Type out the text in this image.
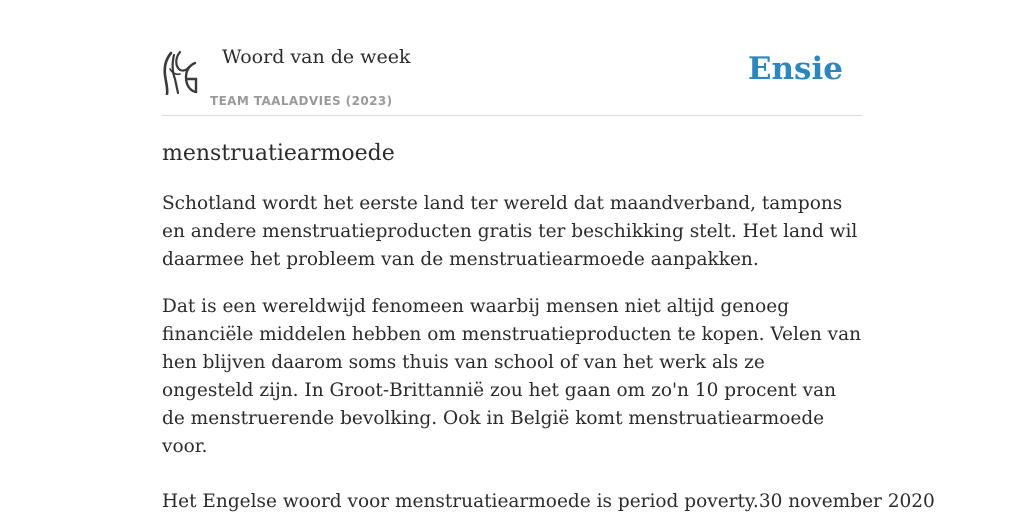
Woord van de week
TEAM TAALADVIES (2023)
Ensie
menstruatiearmoede

Schotland wordt het eerste land ter wereld dat maandverband, tampons en andere menstruatieproducten gratis ter beschikking stelt. Het land wil daarmee het probleem van de menstruatiearmoede aanpakken.

Dat is een wereldwijd fenomeen waarbij mensen niet altijd genoeg financiële middelen hebben om menstruatieproducten te kopen. Velen van hen blijven daarom soms thuis van school of van het werk als ze ongesteld zijn. In Groot-Brittannië zou het gaan om zo'n 10 procent van de menstruerende bevolking. Ook in België komt menstruatiearmoede voor.

Het Engelse woord voor menstruatiearmoede is period poverty.30 november 2020
